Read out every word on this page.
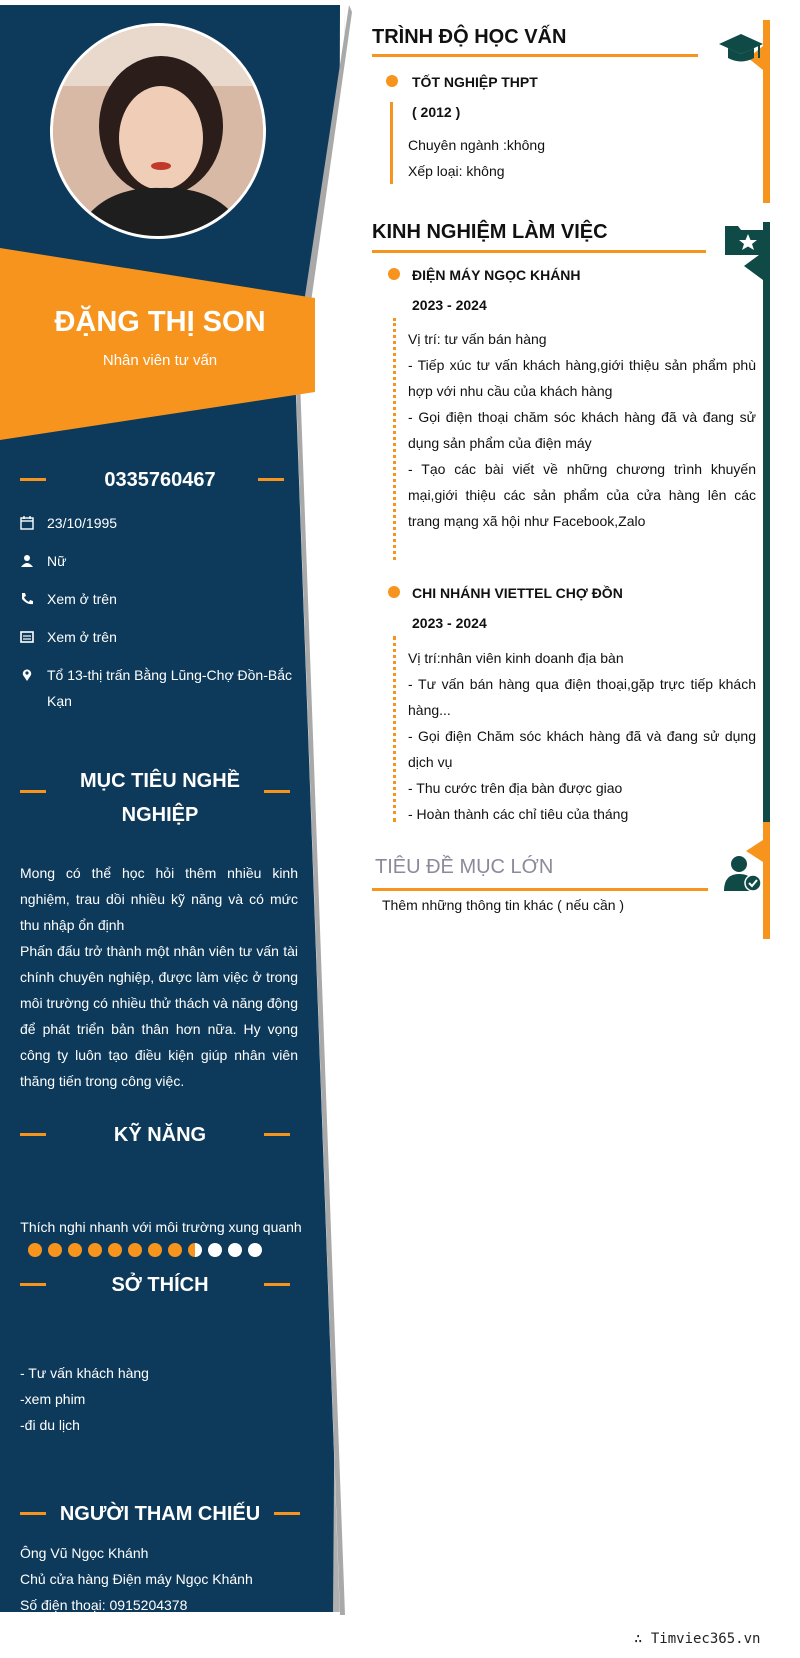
ĐẶNG THỊ SON
Nhân viên tư vấn
0335760467
23/10/1995
Nữ
Xem ở trên
Xem ở trên
Tổ 13-thị trấn Bằng Lũng-Chợ Đồn-Bắc Kạn
MỤC TIÊU NGHỀ
NGHIỆP
Mong có thể học hỏi thêm nhiều kinh nghiệm, trau dồi nhiều kỹ năng và có mức thu nhập ổn định
Phấn đấu trở thành một nhân viên tư vấn tài chính chuyên nghiệp, được làm việc ở trong môi trường có nhiều thử thách và năng động để phát triển bản thân hơn nữa. Hy vọng công ty luôn tạo điều kiện giúp nhân viên thăng tiến trong công việc.
KỸ NĂNG
Thích nghi nhanh với môi trường xung quanh
SỞ THÍCH
- Tư vấn khách hàng
-xem phim
-đi du lịch
NGƯỜI THAM CHIẾU
Ông Vũ Ngọc Khánh
Chủ cửa hàng Điện máy Ngọc Khánh
Số điện thoại: 0915204378
TRÌNH ĐỘ HỌC VẤN
TỐT NGHIỆP THPT
( 2012 )
Chuyên ngành :không
Xếp loại: không
KINH NGHIỆM LÀM VIỆC
ĐIỆN MÁY NGỌC KHÁNH
2023 - 2024
Vị trí: tư vấn bán hàng
- Tiếp xúc tư vấn khách hàng,giới thiệu sản phẩm phù hợp với nhu cầu của khách hàng
- Gọi điện thoại chăm sóc khách hàng đã và đang sử dụng sản phẩm của điện máy
- Tạo các bài viết về những chương trình khuyến mại,giới thiệu các sản phẩm của cửa hàng lên các trang mạng xã hội như Facebook,Zalo
CHI NHÁNH VIETTEL CHỢ ĐỒN
2023 - 2024
Vị trí:nhân viên kinh doanh địa bàn
- Tư vấn bán hàng qua điện thoại,gặp trực tiếp khách hàng...
- Gọi điện Chăm sóc khách hàng đã và đang sử dụng dịch vụ
- Thu cước trên địa bàn được giao
- Hoàn thành các chỉ tiêu của tháng
TIÊU ĐỀ MỤC LỚN
Thêm những thông tin khác ( nếu cần )
∴ Timviec365.vn
